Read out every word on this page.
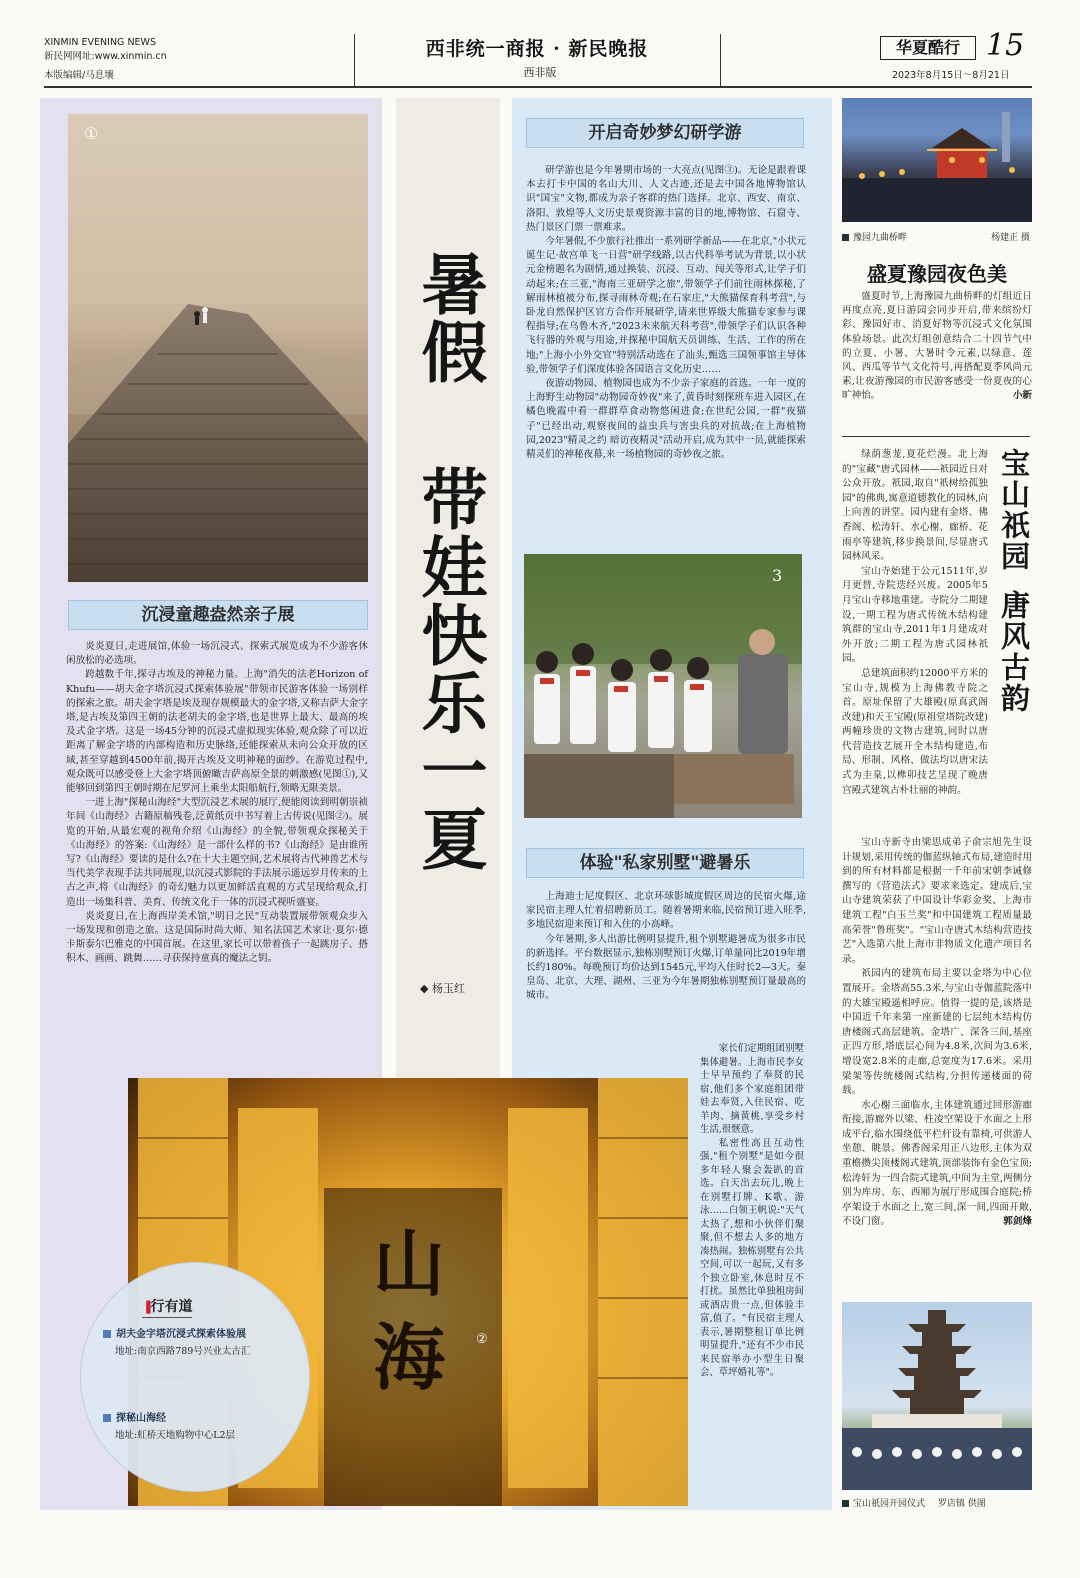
XINMIN EVENING NEWS
新民网网址:www.xinmin.cn
本版编辑/马息壤
西非统一商报 · 新民晚报
西非版
华夏酷行 15
2023年8月15日～8月21日
①
沉浸童趣盎然亲子展

炎炎夏日,走进展馆,体验一场沉浸式、探索式展览成为不少游客休闲放松的必选项。

跨越数千年,探寻古埃及的神秘力量。上海"消失的法老Horizon of Khufu——胡夫金字塔沉浸式探索体验展"带领市民游客体验一场别样的探索之旅。胡夫金字塔是埃及现存规模最大的金字塔,又称吉萨大金字塔,是古埃及第四王朝的法老胡夫的金字塔,也是世界上最大、最高的埃及式金字塔。这是一场45分钟的沉浸式虚拟现实体验,观众除了可以近距离了解金字塔的内部构造和历史脉络,还能探索从未向公众开放的区域,甚至穿越到4500年前,揭开古埃及文明神秘的面纱。在游览过程中,观众既可以感受登上大金字塔顶俯瞰吉萨高原全景的刺激感(见图①),又能够回到第四王朝时期在尼罗河上乘坐太阳船航行,领略无限美景。

一进上海"探秘山海经"大型沉浸艺术展的展厅,便能阅读到明朝崇祯年间《山海经》古籍原稿残卷,泛黄纸页中书写着上古传说(见图②)。展览的开始,从最宏观的视角介绍《山海经》的全貌,带领观众探秘关于《山海经》的答案:《山海经》是一部什么样的书?《山海经》是由谁所写?《山海经》要读的是什么?在十大主题空间,艺术展将古代神兽艺术与当代美学表现手法共同展现,以沉浸式影院的手法展示遥远岁月传来的上古之声,将《山海经》的奇幻魅力以更加鲜活直观的方式呈现给观众,打造出一场集科普、美育、传统文化于一体的沉浸式视听盛宴。

炎炎夏日,在上海西岸美术馆,"明日之民"互动装置展带领观众步入一场发现和创造之旅。这是国际时尚大师、知名法国艺术家让·夏尔·德卡斯泰尔巴雅克的中国首展。在这里,家长可以带着孩子一起跳房子、搭积木、画画、跳舞……寻获保持童真的魔法之钥。

暑假 带娃快乐一夏
◆ 杨玉红
开启奇妙梦幻研学游

研学游也是今年暑期市场的一大亮点(见图③)。无论是跟着课本去打卡中国的名山大川、人文古迹,还是去中国各地博物馆认识"国宝"文物,都成为亲子客群的热门选择。北京、西安、南京、洛阳、敦煌等人文历史景观资源丰富的目的地,博物馆、石窟寺、热门景区门票一票难求。

今年暑假,不少旅行社推出一系列研学新品——在北京,"小状元诞生记·故宫单飞一日营"研学线路,以古代科举考试为背景,以小状元金榜题名为剧情,通过换装、沉浸、互动、闯关等形式,让学子们动起来;在三亚,"海南三亚研学之旅",带领学子们前往雨林探秘,了解雨林植被分布,探寻雨林奇观;在石家庄,"大熊猫保育科考营",与卧龙自然保护区官方合作开展研学,请来世界级大熊猫专家参与课程指导;在乌鲁木齐,"2023未来航天科考营",带领学子们认识各种飞行器的外观与用途,并探秘中国航天员训练、生活、工作的所在地;"上海小小外交官"特别活动选在了汕头,甄选三国领事馆主导体验,带领学子们深度体验各国语言文化历史……

夜游动物园、植物园也成为不少亲子家庭的首选。一年一度的上海野生动物园"动物园奇妙夜"来了,黄昏时刻探班车进入园区,在橘色晚霞中看一群群草食动物悠闲进食;在世纪公园,一群"夜猫子"已经出动,观察夜间的益虫兵与害虫兵的对抗战;在上海植物园,2023"精灵之约 暗访夜精灵"活动开启,成为其中一员,就能探索精灵们的神秘夜幕,来一场植物园的奇妙夜之旅。

3
体验"私家别墅"避暑乐

上海迪士尼度假区、北京环球影城度假区周边的民宿火爆,途家民宿主理人忙着招聘新员工。随着暑期来临,民宿预订进入旺季,多地民宿迎来预订和入住的小高峰。

今年暑期,多人出游比例明显提升,租个别墅避暑成为很多市民的新选择。平台数据显示,独栋别墅预订火爆,订单量同比2019年增长约180%。每晚预订均价达到1545元,平均入住时长2—3天。秦皇岛、北京、大理、湖州、三亚为今年暑期独栋别墅预订量最高的城市。

家长们定期组团别墅集体避暑。上海市民李女士早早预约了奉贤的民宿,他们多个家庭组团带娃去奉贤,入住民宿、吃羊肉、摘黄桃,享受乡村生活,很惬意。

私密性高且互动性强,"租个别墅"是如今很多年轻人聚会轰趴的首选。白天出去玩儿,晚上在别墅打牌、K歌、游泳……白领王帆说:"天气太热了,想和小伙伴们聚聚,但不想去人多的地方凑热闹。独栋别墅有公共空间,可以一起玩,又有多个独立卧室,休息时互不打扰。虽然比单独租房间或酒店贵一点,但体验丰富,值了。"有民宿主理人表示,暑期整租订单比例明显提升,"还有不少市民来民宿举办小型生日聚会、草坪婚礼等"。

山
海 ②
▐行有道
胡夫金字塔沉浸式探索体验展
地址:南京西路789号兴业太古汇
探秘山海经
地址:虹桥天地购物中心L2层
豫园九曲桥畔	杨建正 摄
盛夏豫园夜色美

盛夏时节,上海豫园九曲桥畔的灯组近日再度点亮,夏日游园会同步开启,带来缤纷灯彩、豫园好市、消夏好物等沉浸式文化氛围体验场景。此次灯组创意结合二十四节气中的立夏、小暑、大暑时令元素,以绿意、莲风、西瓜等节气文化符号,再搭配夏季风尚元素,让夜游豫园的市民游客感受一份夏夜的心旷神怡。	小新

宝山祇园
唐风古韵

绿荫葱茏,夏花烂漫。北上海的"宝藏"唐式园林——祇园近日对公众开放。祇园,取自"祇树给孤独园"的佛典,寓意道德教化的园林,向上向善的讲堂。园内建有金塔、佛香阁、松涛轩、水心榭、廊桥、花雨亭等建筑,移步换景间,尽显唐式园林风采。

宝山寺始建于公元1511年,岁月更替,寺院迭经兴废。2005年5月宝山寺移地重建。寺院分二期建设,一期工程为唐式传统木结构建筑群的宝山寺,2011年1月建成对外开放;二期工程为唐式园林祇园。

总建筑面积约12000平方米的宝山寺,规模为上海佛教寺院之首。原址保留了大雄殿(原真武阁改建)和天王宝殿(原祖堂塔院改建)两幢珍贵的文物古建筑,同时以唐代营造技艺展开全木结构建造,布局、形制、风格、做法均以唐宋法式为圭臬,以榫卯技艺呈现了晚唐宫殿式建筑古朴壮丽的神韵。

宝山寺新寺由梁思成弟子俞宗旭先生设计规划,采用传统的伽蓝纵轴式布局,建造时用到的所有材料都是根据一千年前宋朝李诫修撰写的《营造法式》要求来选定。建成后,宝山寺建筑荣获了中国设计华彩金奖、上海市建筑工程"白玉兰奖"和中国建筑工程质量最高荣誉"鲁班奖"。"宝山寺唐式木结构营造技艺"入选第六批上海市非物质文化遗产项目名录。

祇园内的建筑布局主要以金塔为中心位置展开。金塔高55.3米,与宝山寺伽蓝院落中的大雄宝殿遥相呼应。值得一提的是,该塔是中国近千年来第一座新建的七层纯木结构仿唐楼阁式高层建筑。金塔广、深各三间,基座正四方形,塔底层心间为4.8米,次间为3.6米,增设宽2.8米的走廊,总宽度为17.6米。采用梁架等传统楼阁式结构,分担传递楼面的荷载。

水心榭三面临水,主体建筑通过回形游廊衔接,游廊外以梁、柱凌空架设于水面之上形成平台,临水围绕低平栏杆设有靠椅,可供游人坐憩、眺景。佛香阁采用正八边形,主体为双重檐攒尖顶楼阁式建筑,顶部装饰有金色宝顶;松涛轩为一四合院式建筑,中间为主堂,两侧分别为库房、东、西厢为展厅形成围合庭院;桥亭架设于水面之上,宽三间,深一间,四面开敞,不设门窗。	郭剑烽

宝山祇园开园仪式 罗店镇 供图
